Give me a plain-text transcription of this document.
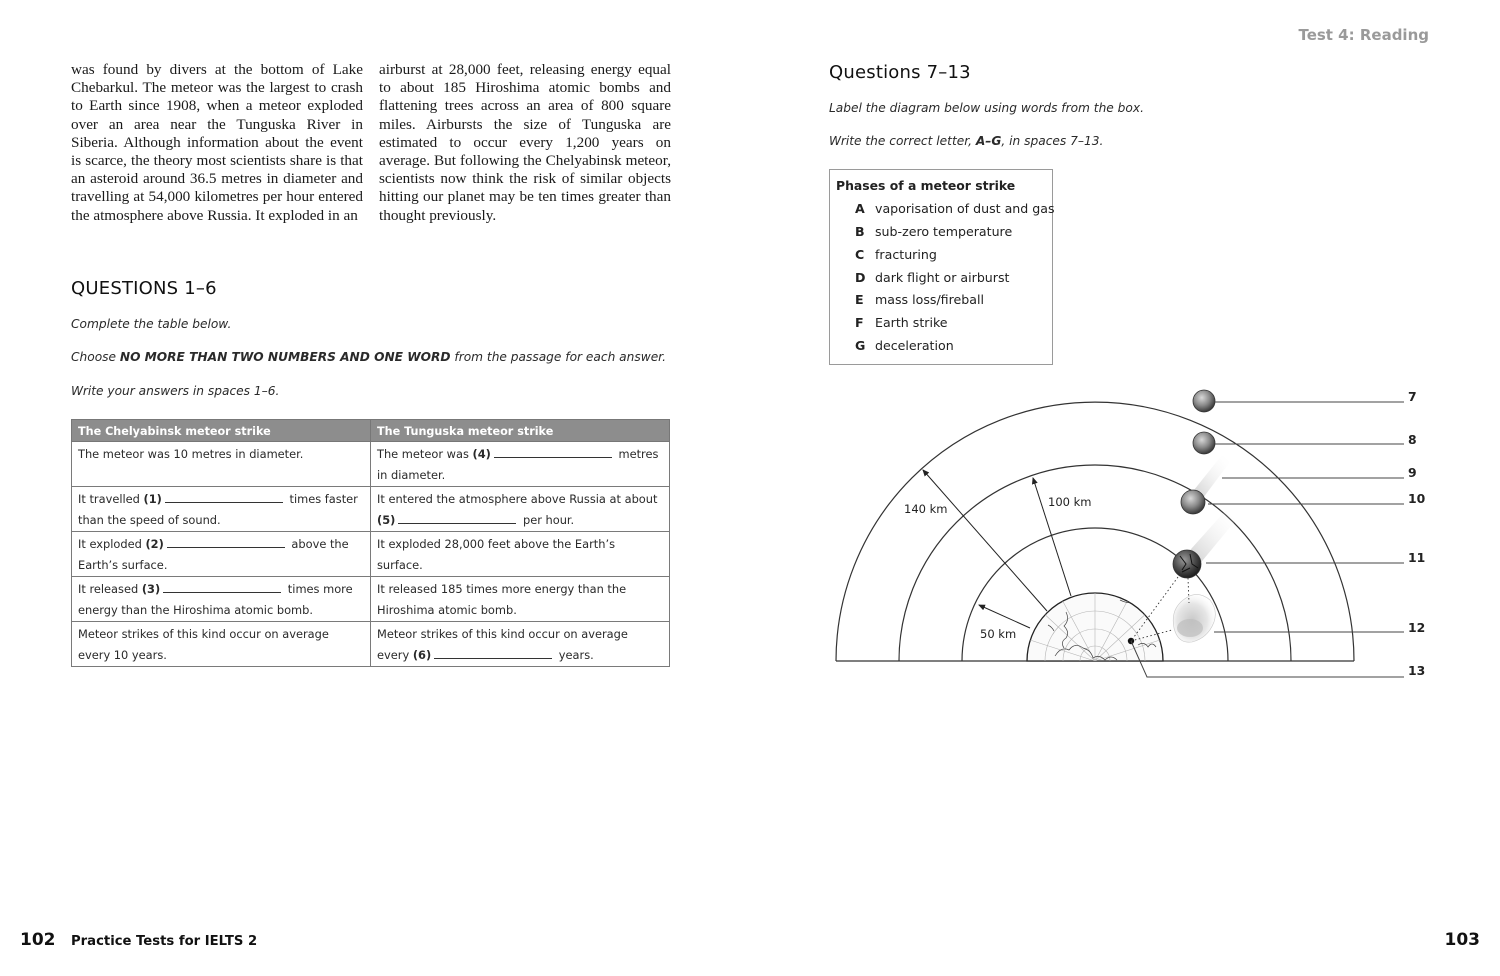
was found by divers at the bottom of Lake Chebarkul. The meteor was the largest to crash to Earth since 1908, when a meteor exploded over an area near the Tunguska River in Siberia. Although information about the event is scarce, the theory most scientists share is that an asteroid around 36.5 metres in diameter and travelling at 54,000 kilometres per hour entered the atmosphere above Russia. It exploded in an
airburst at 28,000 feet, releasing energy equal to about 185 Hiroshima atomic bombs and flattening trees across an area of 800 square miles. Airbursts the size of Tunguska are estimated to occur every 1,200 years on average. But following the Chelyabinsk meteor, scientists now think the risk of similar objects hitting our planet may be ten times greater than thought previously.
QUESTIONS 1–6
Complete the table below.
Choose NO MORE THAN TWO NUMBERS AND ONE WORD from the passage for each answer.
Write your answers in spaces 1–6.
The Chelyabinsk meteor strike	The Tunguska meteor strike
The meteor was 10 metres in diameter.	The meteor was (4) metres in diameter.
It travelled (1) times faster than the speed of sound.	It entered the atmosphere above Russia at about (5) per hour.
It exploded (2) above the Earth’s surface.	It exploded 28,000 feet above the Earth’s surface.
It released (3) times more energy than the Hiroshima atomic bomb.	It released 185 times more energy than the Hiroshima atomic bomb.
Meteor strikes of this kind occur on average every 10 years.	Meteor strikes of this kind occur on average every (6) years.
102 Practice Tests for IELTS 2
Test 4: Reading
Questions 7–13
Label the diagram below using words from the box.
Write the correct letter, A–G, in spaces 7–13.
Phases of a meteor strike
A vaporisation of dust and gas
B sub-zero temperature
C fracturing
D dark flight or airburst
E mass loss/fireball
F Earth strike
G deceleration
140 km	100 km
50 km
7
8
9
10
11
12
13
103
